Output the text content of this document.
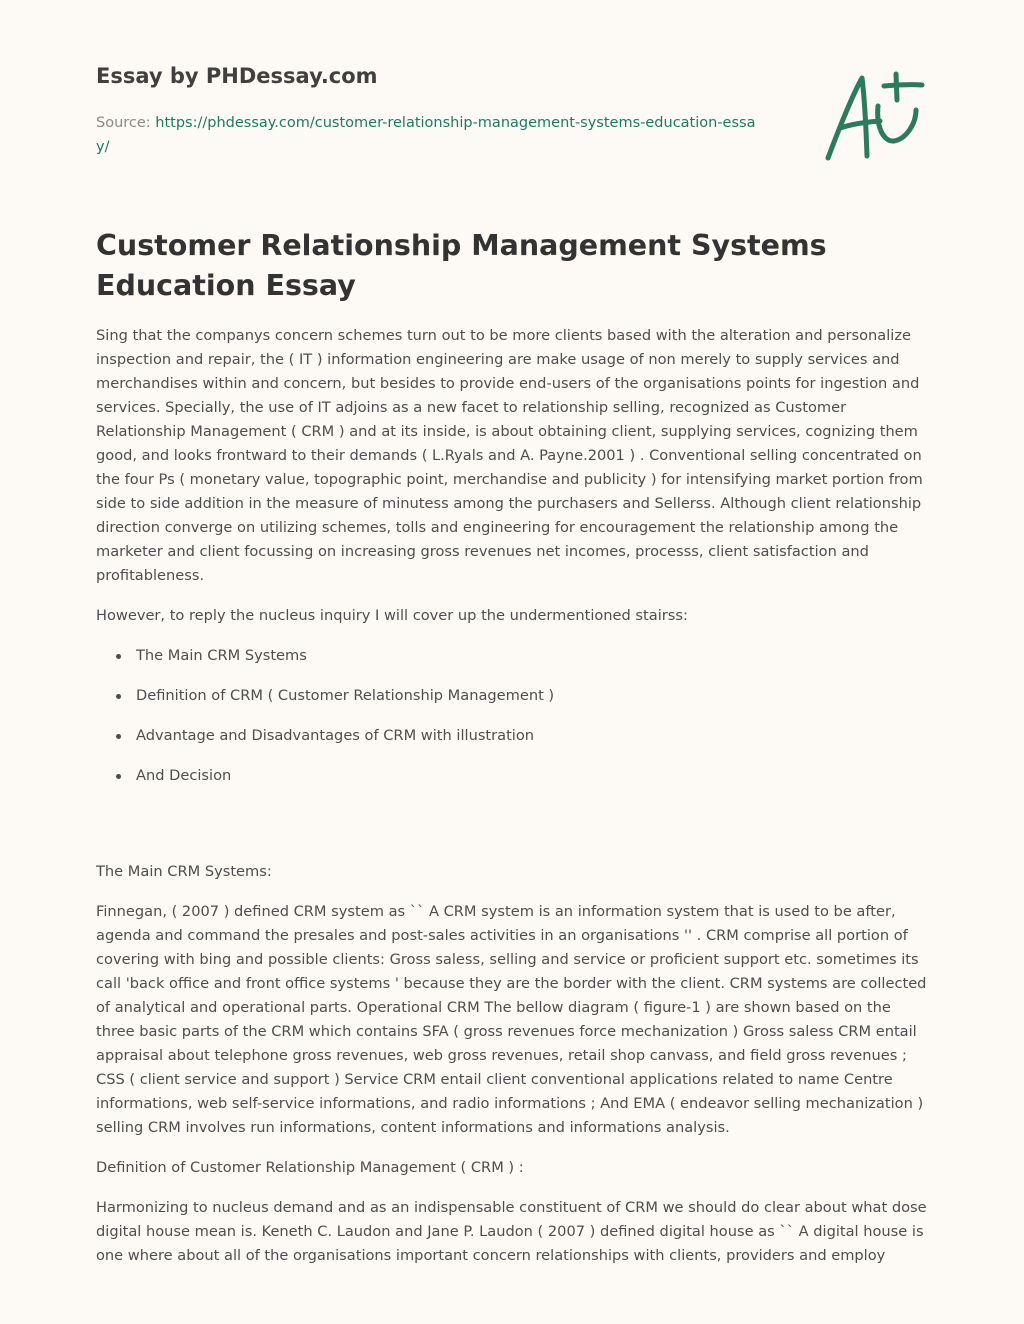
Essay by PHDessay.com

Source: https://phdessay.com/customer-relationship-management-systems-education-essay/

Customer Relationship Management Systems Education Essay

Sing that the companys concern schemes turn out to be more clients based with the alteration and personalize inspection and repair, the ( IT ) information engineering are make usage of non merely to supply services and merchandises within and concern, but besides to provide end-users of the organisations points for ingestion and services. Specially, the use of IT adjoins as a new facet to relationship selling, recognized as Customer Relationship Management ( CRM ) and at its inside, is about obtaining client, supplying services, cognizing them good, and looks frontward to their demands ( L.Ryals and A. Payne.2001 ) . Conventional selling concentrated on the four Ps ( monetary value, topographic point, merchandise and publicity ) for intensifying market portion from side to side addition in the measure of minutess among the purchasers and Sellerss. Although client relationship direction converge on utilizing schemes, tolls and engineering for encouragement the relationship among the marketer and client focussing on increasing gross revenues net incomes, processs, client satisfaction and profitableness.

However, to reply the nucleus inquiry I will cover up the undermentioned stairss:

The Main CRM Systems
Definition of CRM ( Customer Relationship Management )
Advantage and Disadvantages of CRM with illustration
And Decision

The Main CRM Systems:

Finnegan, ( 2007 ) defined CRM system as `` A CRM system is an information system that is used to be after, agenda and command the presales and post-sales activities in an organisations '' . CRM comprise all portion of covering with bing and possible clients: Gross saless, selling and service or proficient support etc. sometimes its call 'back office and front office systems ' because they are the border with the client. CRM systems are collected of analytical and operational parts. Operational CRM The bellow diagram ( figure-1 ) are shown based on the three basic parts of the CRM which contains SFA ( gross revenues force mechanization ) Gross saless CRM entail appraisal about telephone gross revenues, web gross revenues, retail shop canvass, and field gross revenues ; CSS ( client service and support ) Service CRM entail client conventional applications related to name Centre informations, web self-service informations, and radio informations ; And EMA ( endeavor selling mechanization ) selling CRM involves run informations, content informations and informations analysis.

Definition of Customer Relationship Management ( CRM ) :

Harmonizing to nucleus demand and as an indispensable constituent of CRM we should do clear about what dose digital house mean is. Keneth C. Laudon and Jane P. Laudon ( 2007 ) defined digital house as `` A digital house is one where about all of the organisations important concern relationships with clients, providers and employ
